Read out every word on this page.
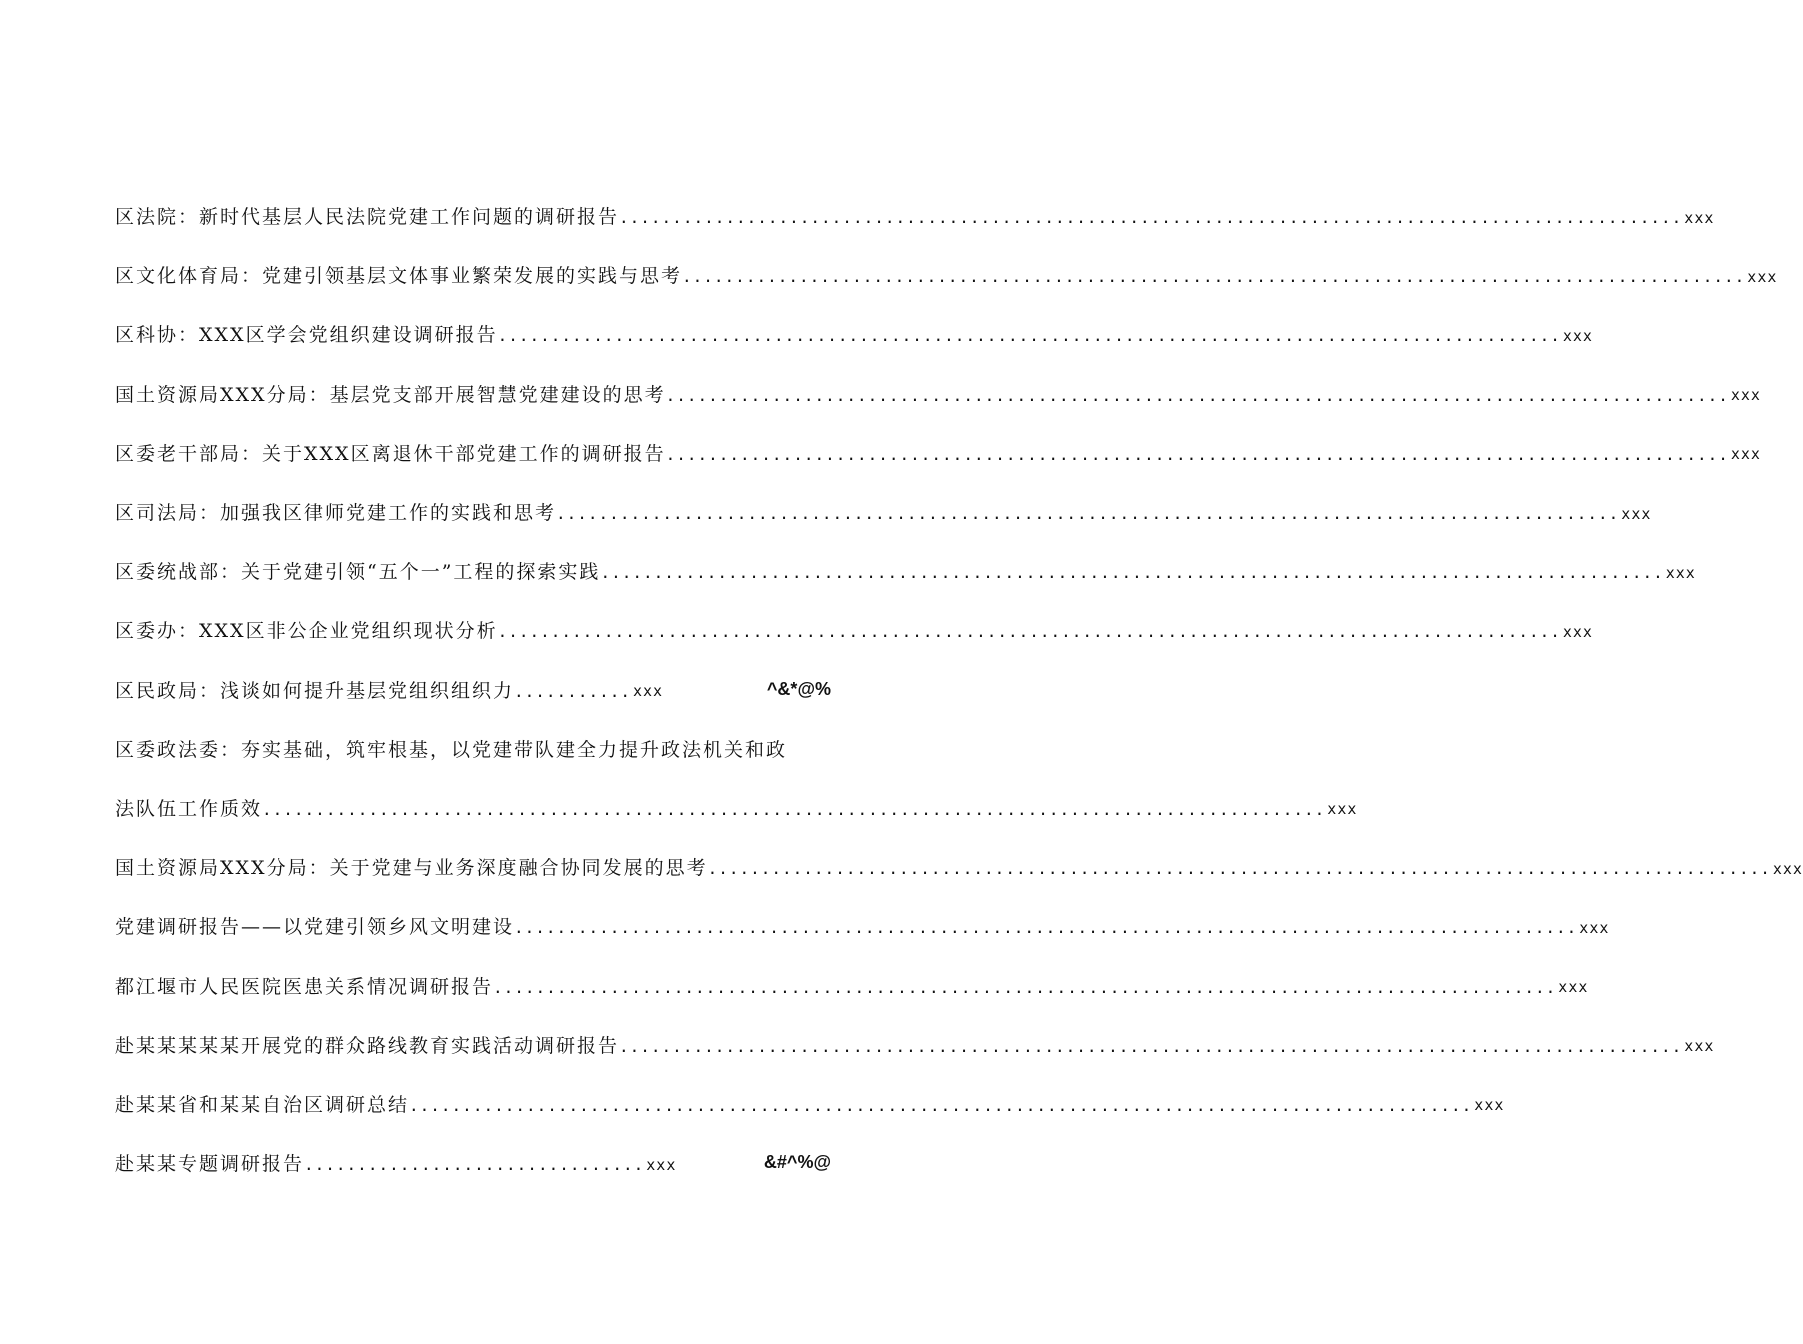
区法院：新时代基层人民法院党建工作问题的调研报告 .................................................................................................... xxx
区文化体育局：党建引领基层文体事业繁荣发展的实践与思考 .................................................................................................... xxx
区科协：XXX区学会党组织建设调研报告 .................................................................................................... xxx
国土资源局XXX分局：基层党支部开展智慧党建建设的思考 .................................................................................................... xxx
区委老干部局：关于XXX区离退休干部党建工作的调研报告 .................................................................................................... xxx
区司法局：加强我区律师党建工作的实践和思考 .................................................................................................... xxx
区委统战部：关于党建引领“五个一”工程的探索实践 .................................................................................................... xxx
区委办：XXX区非公企业党组织现状分析 .................................................................................................... xxx
区民政局：浅谈如何提升基层党组织组织力 ........... xxx	^&*@%
区委政法委：夯实基础，筑牢根基，以党建带队建全力提升政法机关和政
法队伍工作质效 .................................................................................................... xxx
国土资源局XXX分局：关于党建与业务深度融合协同发展的思考 .................................................................................................... xxx
党建调研报告——以党建引领乡风文明建设 .................................................................................................... xxx
都江堰市人民医院医患关系情况调研报告 .................................................................................................... xxx
赴某某某某某开展党的群众路线教育实践活动调研报告 .................................................................................................... xxx
赴某某省和某某自治区调研总结 .................................................................................................... xxx
赴某某专题调研报告 ................................ xxx	&#^%@
